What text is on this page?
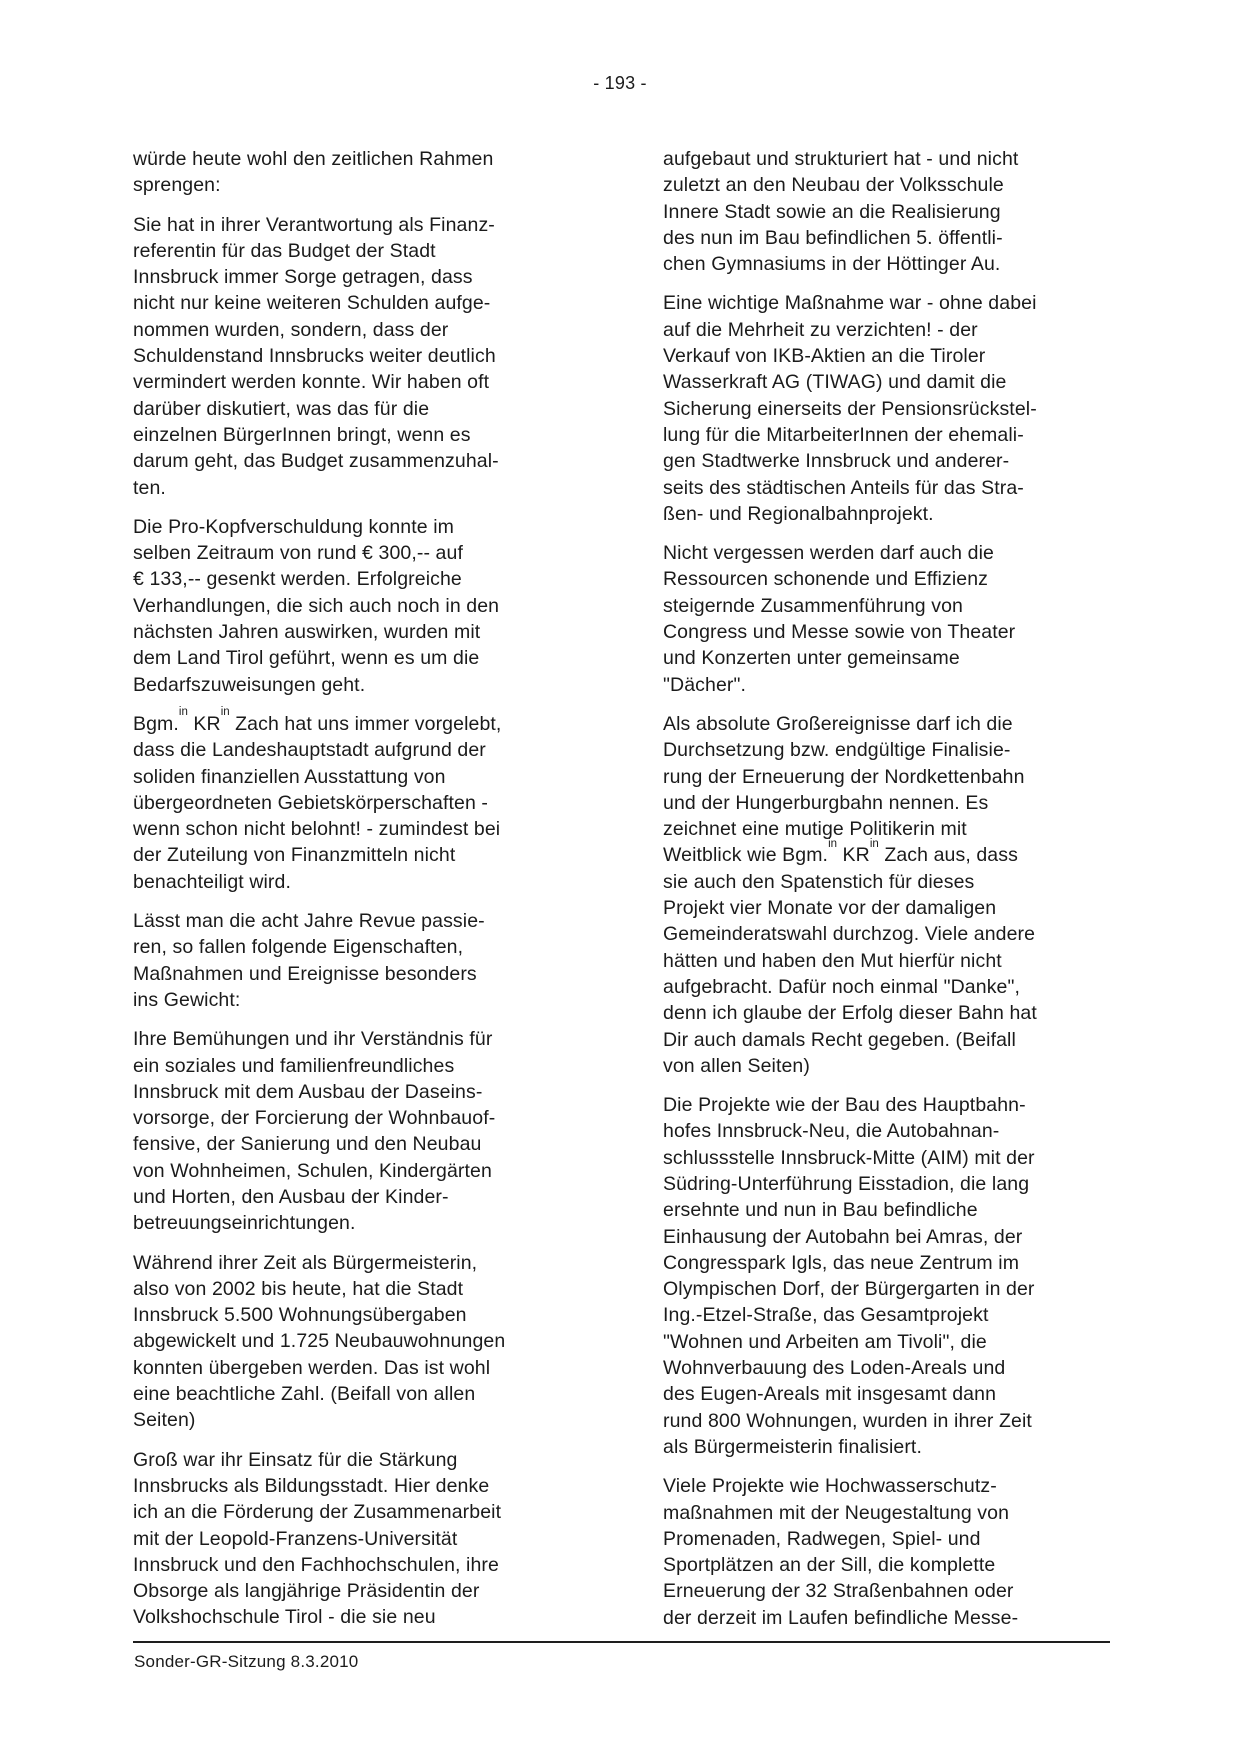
- 193 -

würde heute wohl den zeitlichen Rahmen
sprengen:

Sie hat in ihrer Verantwortung als Finanz-
referentin für das Budget der Stadt
Innsbruck immer Sorge getragen, dass
nicht nur keine weiteren Schulden aufge-
nommen wurden, sondern, dass der
Schuldenstand Innsbrucks weiter deutlich
vermindert werden konnte. Wir haben oft
darüber diskutiert, was das für die
einzelnen BürgerInnen bringt, wenn es
darum geht, das Budget zusammenzuhal-
ten.

Die Pro-Kopfverschuldung konnte im
selben Zeitraum von rund € 300,-- auf
€ 133,-- gesenkt werden. Erfolgreiche
Verhandlungen, die sich auch noch in den
nächsten Jahren auswirken, wurden mit
dem Land Tirol geführt, wenn es um die
Bedarfszuweisungen geht.

Bgm.$^{in}$ $KR^{in}$ Zach hat uns immer vorgelebt,
dass die Landeshauptstadt aufgrund der
soliden finanziellen Ausstattung von
übergeordneten Gebietskörperschaften -
wenn schon nicht belohnt! - zumindest bei
der Zuteilung von Finanzmitteln nicht
benachteiligt wird.

Lässt man die acht Jahre Revue passie-
ren, so fallen folgende Eigenschaften,
Maßnahmen und Ereignisse besonders
ins Gewicht:

Ihre Bemühungen und ihr Verständnis für
ein soziales und familienfreundliches
Innsbruck mit dem Ausbau der Daseins-
vorsorge, der Forcierung der Wohnbauof-
fensive, der Sanierung und den Neubau
von Wohnheimen, Schulen, Kindergärten
und Horten, den Ausbau der Kinder-
betreuungseinrichtungen.

Während ihrer Zeit als Bürgermeisterin,
also von 2002 bis heute, hat die Stadt
Innsbruck 5.500 Wohnungsübergaben
abgewickelt und 1.725 Neubauwohnungen
konnten übergeben werden. Das ist wohl
eine beachtliche Zahl. (Beifall von allen
Seiten)

Groß war ihr Einsatz für die Stärkung
Innsbrucks als Bildungsstadt. Hier denke
ich an die Förderung der Zusammenarbeit
mit der Leopold-Franzens-Universität
Innsbruck und den Fachhochschulen, ihre
Obsorge als langjährige Präsidentin der
Volkshochschule Tirol - die sie neu

aufgebaut und strukturiert hat - und nicht
zuletzt an den Neubau der Volksschule
Innere Stadt sowie an die Realisierung
des nun im Bau befindlichen 5. öffentli-
chen Gymnasiums in der Höttinger Au.

Eine wichtige Maßnahme war - ohne dabei
auf die Mehrheit zu verzichten! - der
Verkauf von IKB-Aktien an die Tiroler
Wasserkraft AG (TIWAG) und damit die
Sicherung einerseits der Pensionsrückstel-
lung für die MitarbeiterInnen der ehemali-
gen Stadtwerke Innsbruck und anderer-
seits des städtischen Anteils für das Stra-
ßen- und Regionalbahnprojekt.

Nicht vergessen werden darf auch die
Ressourcen schonende und Effizienz
steigernde Zusammenführung von
Congress und Messe sowie von Theater
und Konzerten unter gemeinsame
"Dächer".

Als absolute Großereignisse darf ich die
Durchsetzung bzw. endgültige Finalisie-
rung der Erneuerung der Nordkettenbahn
und der Hungerburgbahn nennen. Es
zeichnet eine mutige Politikerin mit
Weitblick wie Bgm.$^{in}$ $KR^{in}$ Zach aus, dass
sie auch den Spatenstich für dieses
Projekt vier Monate vor der damaligen
Gemeinderatswahl durchzog. Viele andere
hätten und haben den Mut hierfür nicht
aufgebracht. Dafür noch einmal "Danke",
denn ich glaube der Erfolg dieser Bahn hat
Dir auch damals Recht gegeben. (Beifall
von allen Seiten)

Die Projekte wie der Bau des Hauptbahn-
hofes Innsbruck-Neu, die Autobahnan-
schlussstelle Innsbruck-Mitte (AIM) mit der
Südring-Unterführung Eisstadion, die lang
ersehnte und nun in Bau befindliche
Einhausung der Autobahn bei Amras, der
Congresspark Igls, das neue Zentrum im
Olympischen Dorf, der Bürgergarten in der
Ing.-Etzel-Straße, das Gesamtprojekt
"Wohnen und Arbeiten am Tivoli", die
Wohnverbauung des Loden-Areals und
des Eugen-Areals mit insgesamt dann
rund 800 Wohnungen, wurden in ihrer Zeit
als Bürgermeisterin finalisiert.

Viele Projekte wie Hochwasserschutz-
maßnahmen mit der Neugestaltung von
Promenaden, Radwegen, Spiel- und
Sportplätzen an der Sill, die komplette
Erneuerung der 32 Straßenbahnen oder
der derzeit im Laufen befindliche Messe-

Sonder-GR-Sitzung 8.3.2010
